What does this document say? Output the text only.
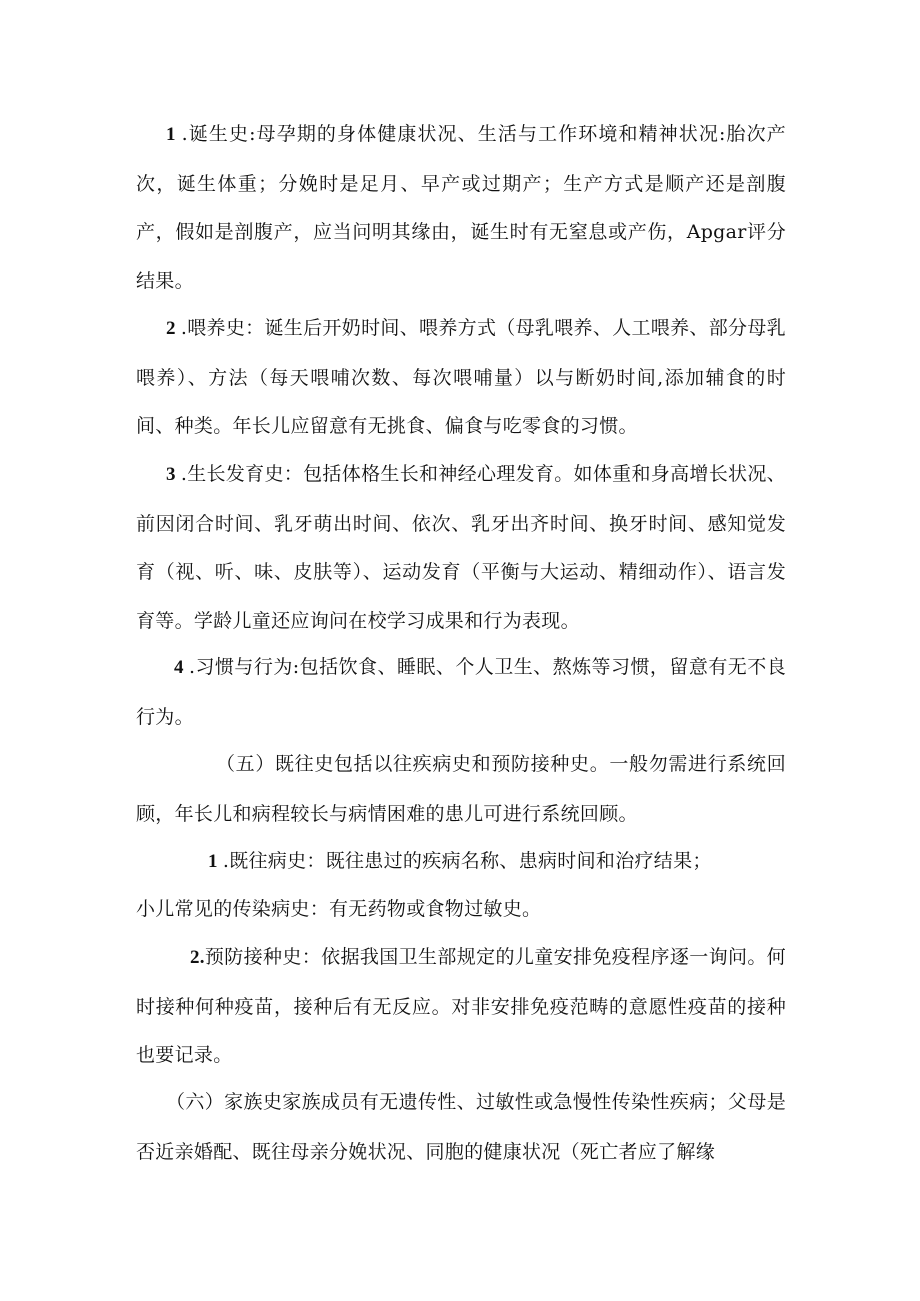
1 .诞生史:母孕期的身体健康状况、生活与工作环境和精神状况:胎次产次，诞生体重；分娩时是足月、早产或过期产；生产方式是顺产还是剖腹产，假如是剖腹产，应当问明其缘由，诞生时有无窒息或产伤，Apgar评分结果。

2 .喂养史：诞生后开奶时间、喂养方式（母乳喂养、人工喂养、部分母乳喂养）、方法（每天喂哺次数、每次喂哺量）以与断奶时间,添加辅食的时间、种类。年长儿应留意有无挑食、偏食与吃零食的习惯。

3 .生长发育史：包括体格生长和神经心理发育。如体重和身高增长状况、前因闭合时间、乳牙萌出时间、依次、乳牙出齐时间、换牙时间、感知觉发育（视、听、味、皮肤等）、运动发育（平衡与大运动、精细动作）、语言发育等。学龄儿童还应询问在校学习成果和行为表现。

4 .习惯与行为:包括饮食、睡眠、个人卫生、熬炼等习惯，留意有无不良行为。

（五）既往史包括以往疾病史和预防接种史。一般勿需进行系统回顾，年长儿和病程较长与病情困难的患儿可进行系统回顾。

1 .既往病史：既往患过的疾病名称、患病时间和治疗结果；

小儿常见的传染病史：有无药物或食物过敏史。

2.预防接种史：依据我国卫生部规定的儿童安排免疫程序逐一询问。何时接种何种疫苗，接种后有无反应。对非安排免疫范畴的意愿性疫苗的接种也要记录。

（六）家族史家族成员有无遗传性、过敏性或急慢性传染性疾病；父母是否近亲婚配、既往母亲分娩状况、同胞的健康状况（死亡者应了解缘
